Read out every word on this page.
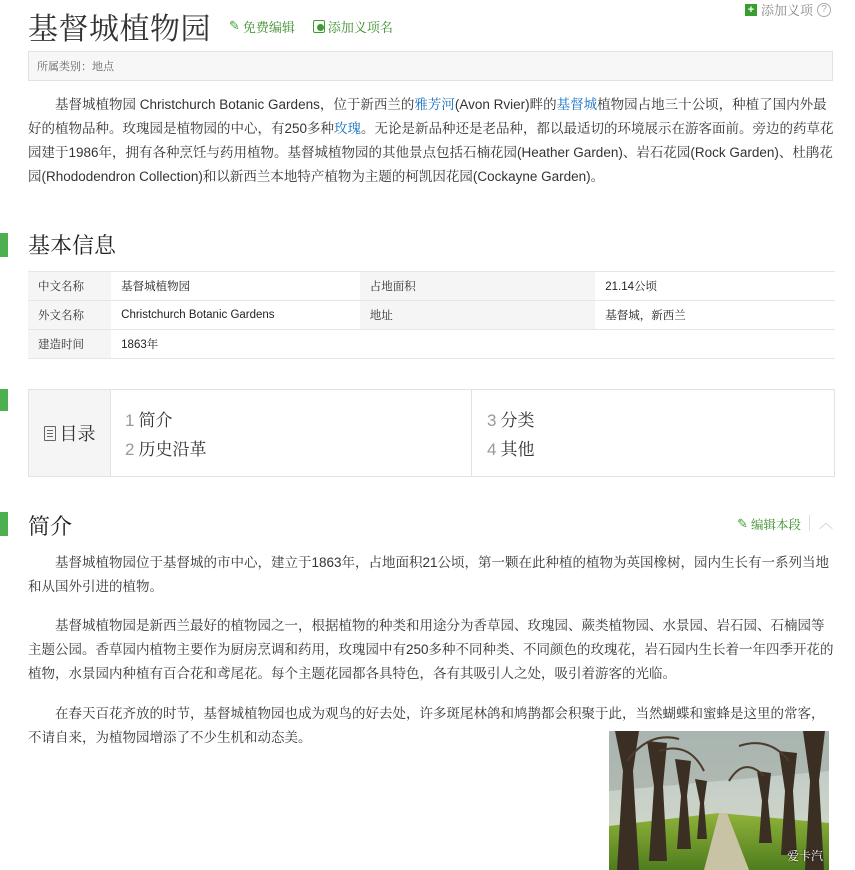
+ 添加义项 ?
基督城植物园 ✎ 免费编辑	添加义项名
所属类别：地点

基督城植物园 Christchurch Botanic Gardens，位于新西兰的雅芳河(Avon Rvier)畔的基督城植物园占地三十公顷，种植了国内外最好的植物品种。玫瑰园是植物园的中心，有250多种玫瑰。无论是新品种还是老品种，都以最适切的环境展示在游客面前。旁边的药草花园建于1986年，拥有各种烹饪与药用植物。基督城植物园的其他景点包括石楠花园(Heather Garden)、岩石花园(Rock Garden)、杜鹃花园(Rhododendron Collection)和以新西兰本地特产植物为主题的柯凯因花园(Cockayne Garden)。

基本信息
中文名称	基督城植物园	占地面积	21.14公顷
外文名称	Christchurch Botanic Gardens	地址	基督城，新西兰
建造时间	1863年		
目录
1 简介
2 历史沿革
3 分类
4 其他
简介	✎ 编辑本段 ︿

基督城植物园位于基督城的市中心，建立于1863年，占地面积21公顷，第一颗在此种植的植物为英国橡树，园内生长有一系列当地和从国外引进的植物。

基督城植物园是新西兰最好的植物园之一，根据植物的种类和用途分为香草园、玫瑰园、蕨类植物园、水景园、岩石园、石楠园等主题公园。香草园内植物主要作为厨房烹调和药用，玫瑰园中有250多种不同种类、不同颜色的玫瑰花，岩石园内生长着一年四季开花的植物，水景园内种植有百合花和鸢尾花。每个主题花园都各具特色，各有其吸引人之处，吸引着游客的光临。

在春天百花齐放的时节，基督城植物园也成为观鸟的好去处，许多斑尾林鸽和鸠鹊都会积聚于此，当然蝴蝶和蜜蜂是这里的常客，不请自来，为植物园增添了不少生机和动态美。

爱卡汽
